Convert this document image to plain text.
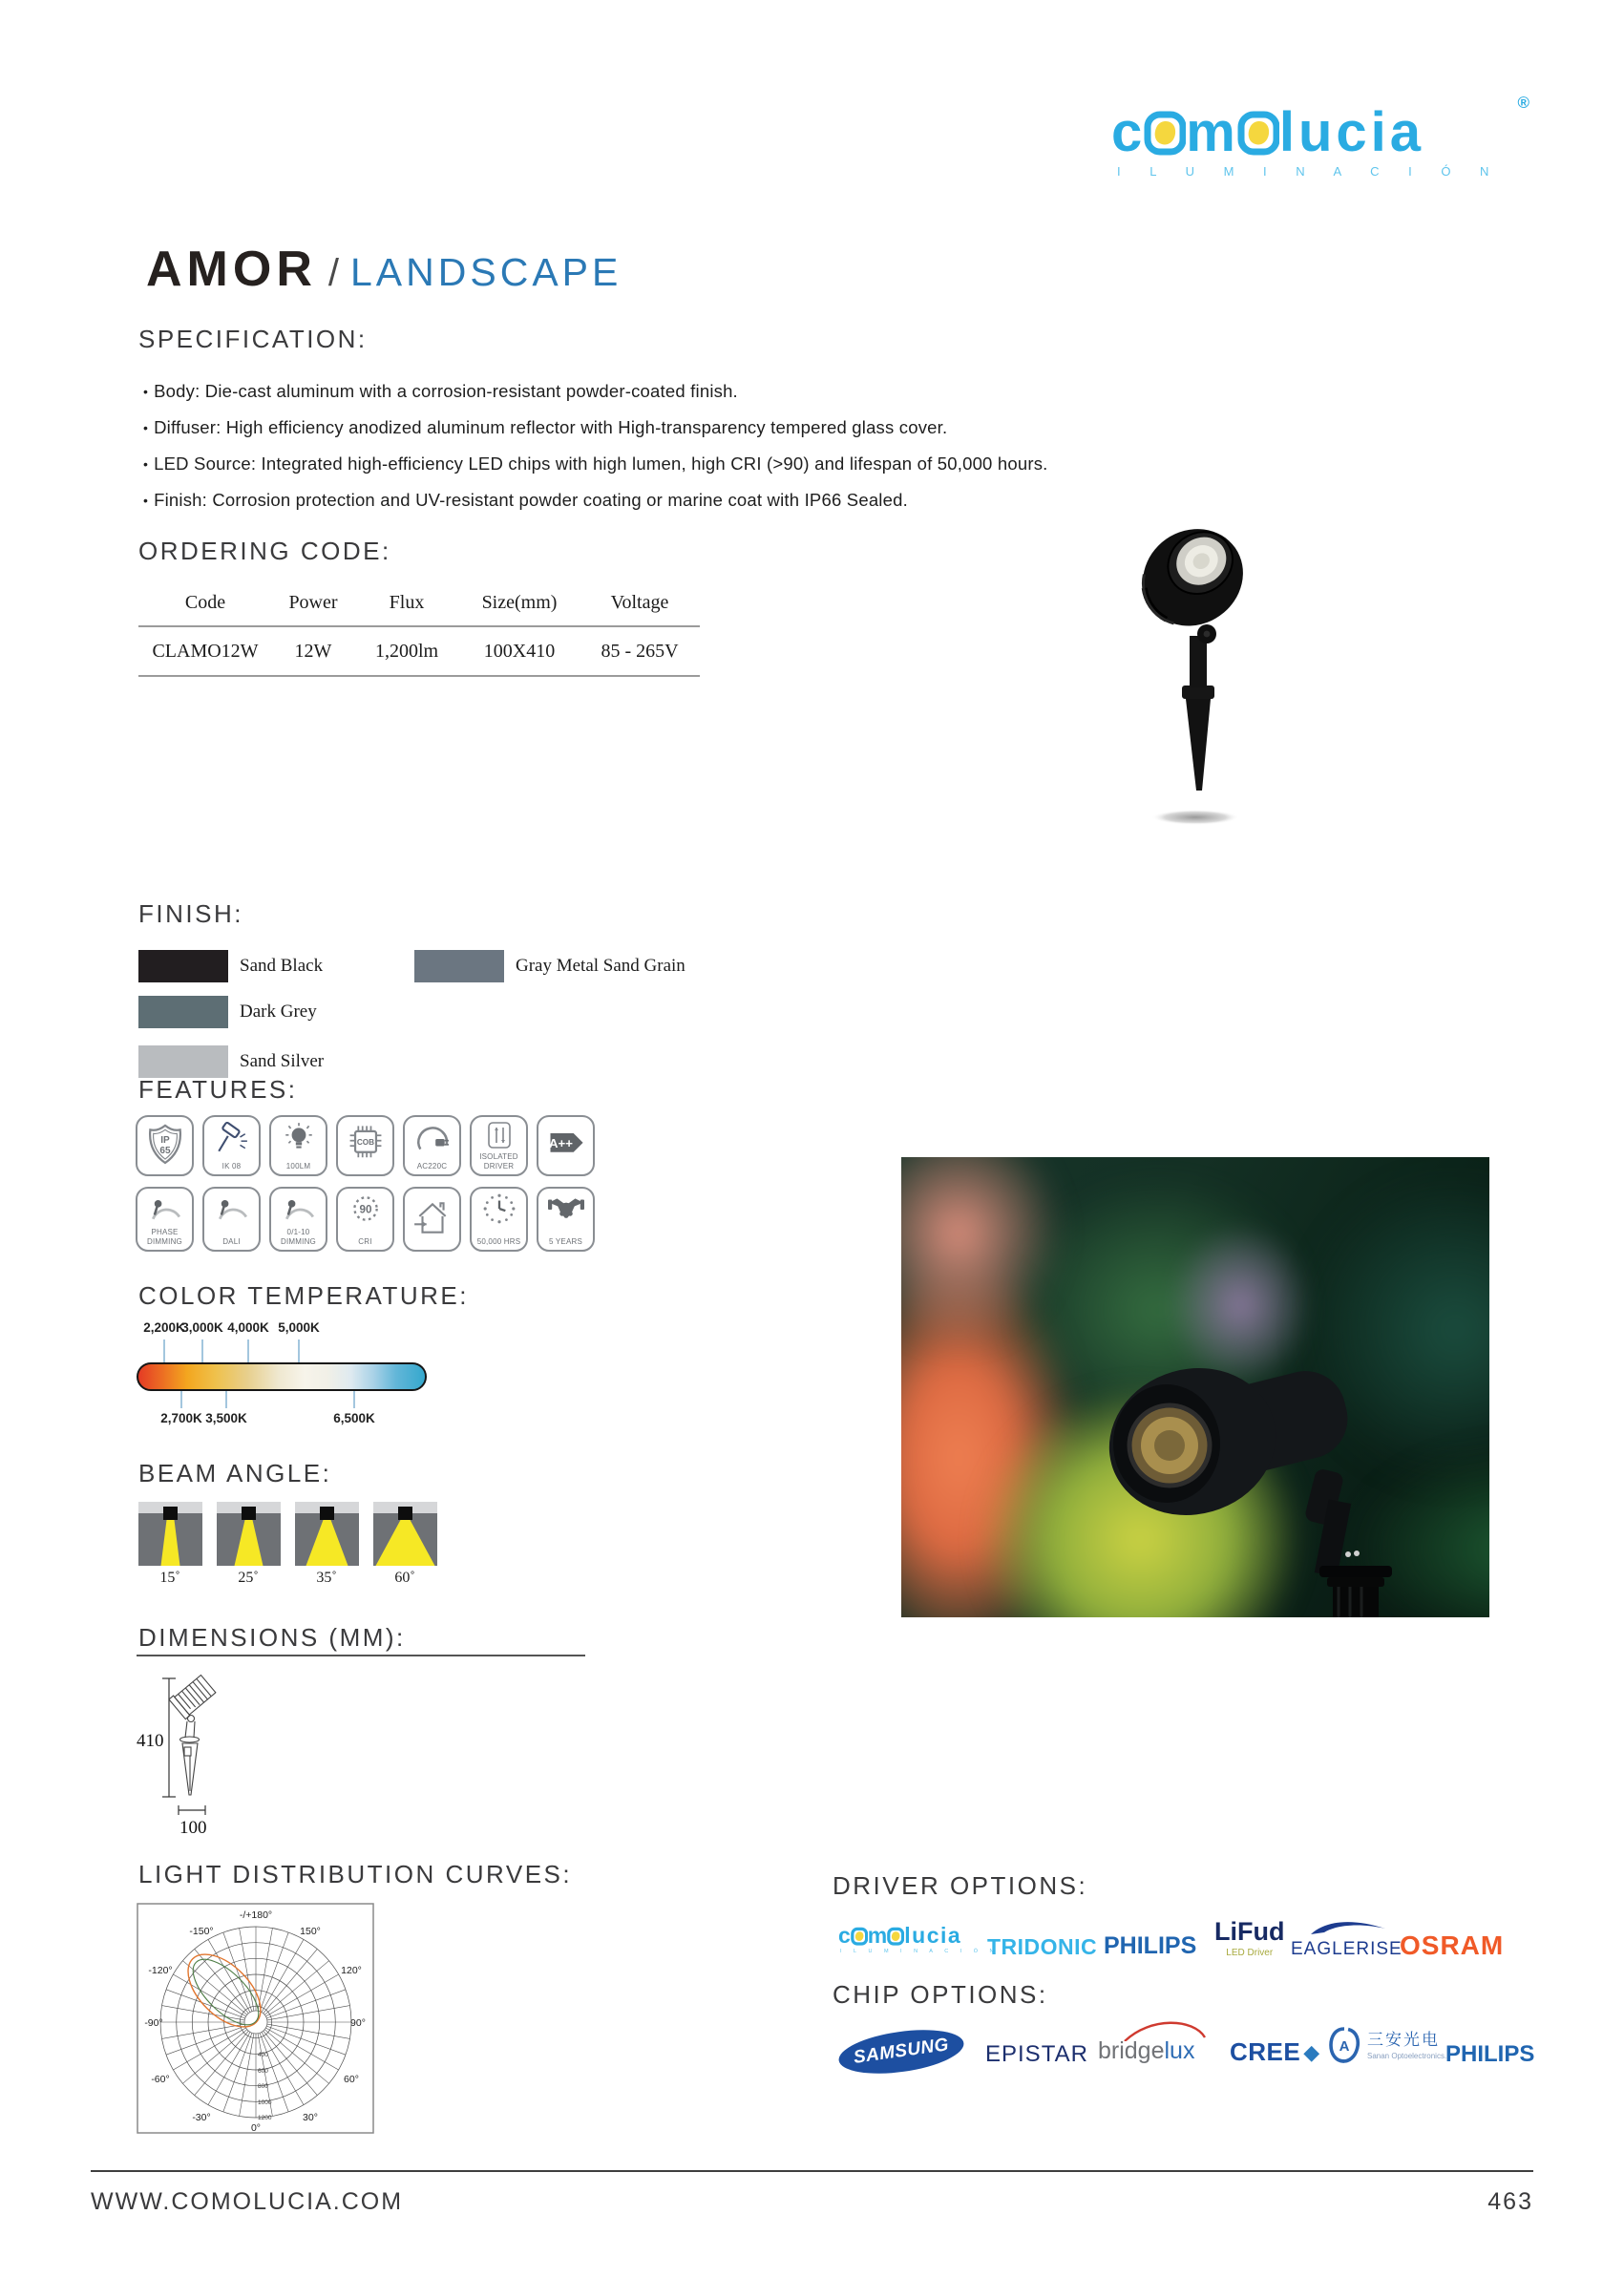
®
c m lucia
I L U M I N A C I Ó N
AMOR / LANDSCAPE
SPECIFICATION:
• Body: Die-cast aluminum with a corrosion-resistant powder-coated finish.
• Diffuser: High efficiency anodized aluminum reflector with High-transparency tempered glass cover.
• LED Source: Integrated high-efficiency LED chips with high lumen, high CRI (>90) and lifespan of 50,000 hours.
• Finish: Corrosion protection and UV-resistant powder coating or marine coat with IP66 Sealed.
ORDERING CODE:
Code	Power	Flux	Size(mm)	Voltage
CLAMO12W	12W	1,200lm	100X410	85 - 265V
FINISH:
Sand Black
Dark Grey
Sand Silver
Gray Metal Sand Grain
FEATURES:
IP
65
IK 08	100LM
COB
AC220C
ISOLATED DRIVER
A++
PHASE DIMMING	DALI
0/1-10 DIMMING
90
CRI	50,000 HRS	5 YEARS
COLOR TEMPERATURE:
2,200K
3,000K 4,000K 5,000K
2,700K 3,500K	6,500K
BEAM ANGLE:
15˚	25˚	35˚	60˚
DIMENSIONS (MM):
410
100
LIGHT DISTRIBUTION CURVES:
-/+180°
-150°	150°
-120°	120°
-90°	90°
-60°	60°
-30°	30°
0°
400
600
800
1000
1200
DRIVER OPTIONS:
c m lucia
I L U M I N A C I Ó N
TRIDONIC PHILIPS LiFud
LED Driver EAGLERISE
OSRAM
CHIP OPTIONS:
SAMSUNG EPISTAR bridgelux CREE ◆ A 三安光电
Sanan Optoelectronics.
PHILIPS
WWW.COMOLUCIA.COM	463
